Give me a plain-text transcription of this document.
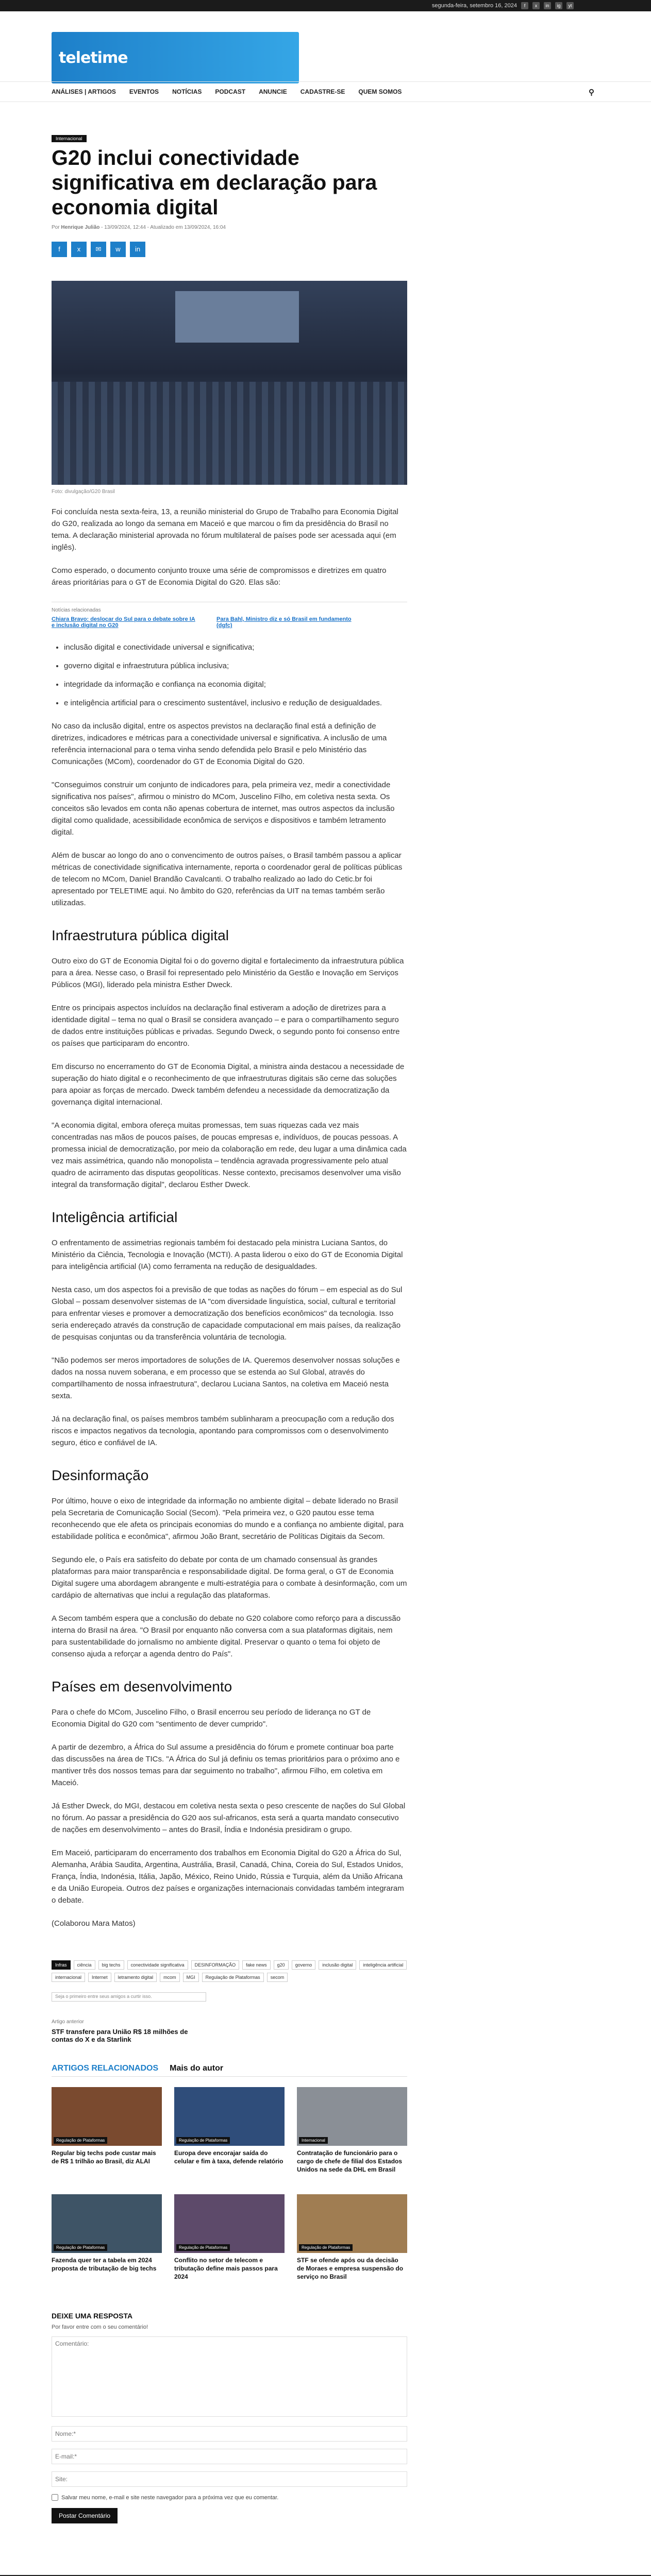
segunda-feira, setembro 16, 2024	f	x	in	ig	yt
teletime
ANÁLISES | ARTIGOS EVENTOS NOTÍCIAS PODCAST ANUNCIE CADASTRE-SE QUEM SOMOS	⚲
Internacional
G20 inclui conectividade significativa em declaração para economia digital
Por Henrique Julião - 13/09/2024, 12:44 - Atualizado em 13/09/2024, 16:04
f	x	✉	w	in
Foto: divulgação/G20 Brasil

Foi concluída nesta sexta-feira, 13, a reunião ministerial do Grupo de Trabalho para Economia Digital do G20, realizada ao longo da semana em Maceió e que marcou o fim da presidência do Brasil no tema. A declaração ministerial aprovada no fórum multilateral de países pode ser acessada aqui (em inglês).

Como esperado, o documento conjunto trouxe uma série de compromissos e diretrizes em quatro áreas prioritárias para o GT de Economia Digital do G20. Elas são:

Notícias relacionadas
Chiara Bravo: deslocar do Sul para o debate sobre IA e inclusão digital no G20
Para Bahl, Ministro diz e só Brasil em fundamento (dgfc)
• inclusão digital e conectividade universal e significativa;
• governo digital e infraestrutura pública inclusiva;
• integridade da informação e confiança na economia digital;
• e inteligência artificial para o crescimento sustentável, inclusivo e redução de desigualdades.

No caso da inclusão digital, entre os aspectos previstos na declaração final está a definição de diretrizes, indicadores e métricas para a conectividade universal e significativa. A inclusão de uma referência internacional para o tema vinha sendo defendida pelo Brasil e pelo Ministério das Comunicações (MCom), coordenador do GT de Economia Digital do G20.

"Conseguimos construir um conjunto de indicadores para, pela primeira vez, medir a conectividade significativa nos países", afirmou o ministro do MCom, Juscelino Filho, em coletiva nesta sexta. Os conceitos são levados em conta não apenas cobertura de internet, mas outros aspectos da inclusão digital como qualidade, acessibilidade econômica de serviços e dispositivos e também letramento digital.

Além de buscar ao longo do ano o convencimento de outros países, o Brasil também passou a aplicar métricas de conectividade significativa internamente, reporta o coordenador geral de políticas públicas de telecom no MCom, Daniel Brandão Cavalcanti. O trabalho realizado ao lado do Cetic.br foi apresentado por TELETIME aqui. No âmbito do G20, referências da UIT na temas também serão utilizadas.

Infraestrutura pública digital

Outro eixo do GT de Economia Digital foi o do governo digital e fortalecimento da infraestrutura pública para a área. Nesse caso, o Brasil foi representado pelo Ministério da Gestão e Inovação em Serviços Públicos (MGI), liderado pela ministra Esther Dweck.

Entre os principais aspectos incluídos na declaração final estiveram a adoção de diretrizes para a identidade digital – tema no qual o Brasil se considera avançado – e para o compartilhamento seguro de dados entre instituições públicas e privadas. Segundo Dweck, o segundo ponto foi consenso entre os países que participaram do encontro.

Em discurso no encerramento do GT de Economia Digital, a ministra ainda destacou a necessidade de superação do hiato digital e o reconhecimento de que infraestruturas digitais são cerne das soluções para apoiar as forças de mercado. Dweck também defendeu a necessidade da democratização da governança digital internacional.

"A economia digital, embora ofereça muitas promessas, tem suas riquezas cada vez mais concentradas nas mãos de poucos países, de poucas empresas e, indivíduos, de poucas pessoas. A promessa inicial de democratização, por meio da colaboração em rede, deu lugar a uma dinâmica cada vez mais assimétrica, quando não monopolista – tendência agravada progressivamente pelo atual quadro de acirramento das disputas geopolíticas. Nesse contexto, precisamos desenvolver uma visão integral da transformação digital", declarou Esther Dweck.

Inteligência artificial

O enfrentamento de assimetrias regionais também foi destacado pela ministra Luciana Santos, do Ministério da Ciência, Tecnologia e Inovação (MCTI). A pasta liderou o eixo do GT de Economia Digital para inteligência artificial (IA) como ferramenta na redução de desigualdades.

Nesta caso, um dos aspectos foi a previsão de que todas as nações do fórum – em especial as do Sul Global – possam desenvolver sistemas de IA "com diversidade linguística, social, cultural e territorial para enfrentar vieses e promover a democratização dos benefícios econômicos" da tecnologia. Isso seria endereçado através da construção de capacidade computacional em mais países, da realização de pesquisas conjuntas ou da transferência voluntária de tecnologia.

"Não podemos ser meros importadores de soluções de IA. Queremos desenvolver nossas soluções e dados na nossa nuvem soberana, e em processo que se estenda ao Sul Global, através do compartilhamento de nossa infraestrutura", declarou Luciana Santos, na coletiva em Maceió nesta sexta.

Já na declaração final, os países membros também sublinharam a preocupação com a redução dos riscos e impactos negativos da tecnologia, apontando para compromissos com o desenvolvimento seguro, ético e confiável de IA.

Desinformação

Por último, houve o eixo de integridade da informação no ambiente digital – debate liderado no Brasil pela Secretaria de Comunicação Social (Secom). "Pela primeira vez, o G20 pautou esse tema reconhecendo que ele afeta os principais economias do mundo e a confiança no ambiente digital, para estabilidade política e econômica", afirmou João Brant, secretário de Políticas Digitais da Secom.

Segundo ele, o País era satisfeito do debate por conta de um chamado consensual às grandes plataformas para maior transparência e responsabilidade digital. De forma geral, o GT de Economia Digital sugere uma abordagem abrangente e multi-estratégia para o combate à desinformação, com um cardápio de alternativas que inclui a regulação das plataformas.

A Secom também espera que a conclusão do debate no G20 colabore como reforço para a discussão interna do Brasil na área. "O Brasil por enquanto não conversa com a sua plataformas digitais, nem para sustentabilidade do jornalismo no ambiente digital. Preservar o quanto o tema foi objeto de consenso ajuda a reforçar a agenda dentro do País".

Países em desenvolvimento

Para o chefe do MCom, Juscelino Filho, o Brasil encerrou seu período de liderança no GT de Economia Digital do G20 com "sentimento de dever cumprido".

A partir de dezembro, a África do Sul assume a presidência do fórum e promete continuar boa parte das discussões na área de TICs. "A África do Sul já definiu os temas prioritários para o próximo ano e mantiver três dos nossos temas para dar seguimento no trabalho", afirmou Filho, em coletiva em Maceió.

Já Esther Dweck, do MGI, destacou em coletiva nesta sexta o peso crescente de nações do Sul Global no fórum. Ao passar a presidência do G20 aos sul-africanos, esta será a quarta mandato consecutivo de nações em desenvolvimento – antes do Brasil, Índia e Indonésia presidiram o grupo.

Em Maceió, participaram do encerramento dos trabalhos em Economia Digital do G20 a África do Sul, Alemanha, Arábia Saudita, Argentina, Austrália, Brasil, Canadá, China, Coreia do Sul, Estados Unidos, França, Índia, Indonésia, Itália, Japão, México, Reino Unido, Rússia e Turquia, além da União Africana e da União Europeia. Outros dez países e organizações internacionais convidadas também integraram o debate.

(Colaborou Mara Matos)

Infras	ciência	big techs	conectividade significativa	DESINFORMAÇÃO	fake news	g20	governo	inclusão digital	inteligência artificial
internacional	Internet	letramento digital	mcom	MGI	Regulação de Plataformas	secom
Seja o primeiro entre seus amigos a curtir isso.
Artigo anterior
STF transfere para União R$ 18 milhões de contas do X e da Starlink
ARTIGOS RELACIONADOS Mais do autor
Regulação de Plataformas
Regular big techs pode custar mais de R$ 1 trilhão ao Brasil, diz ALAI
Regulação de Plataformas
Europa deve encorajar saída do celular e fim à taxa, defende relatório
Internacional
Contratação de funcionário para o cargo de chefe de filial dos Estados Unidos na sede da DHL em Brasil
Regulação de Plataformas
Fazenda quer ter a tabela em 2024 proposta de tributação de big techs
Regulação de Plataformas
Conflito no setor de telecom e tributação define mais passos para 2024
Regulação de Plataformas
STF se ofende após ou da decisão de Moraes e empresa suspensão do serviço no Brasil
DEIXE UMA RESPOSTA
Por favor entre com o seu comentário!
Comentário:
Nome:*
E-mail:*
Site:
Salvar meu nome, e-mail e site neste navegador para a próxima vez que eu comentar.
Postar Comentário
